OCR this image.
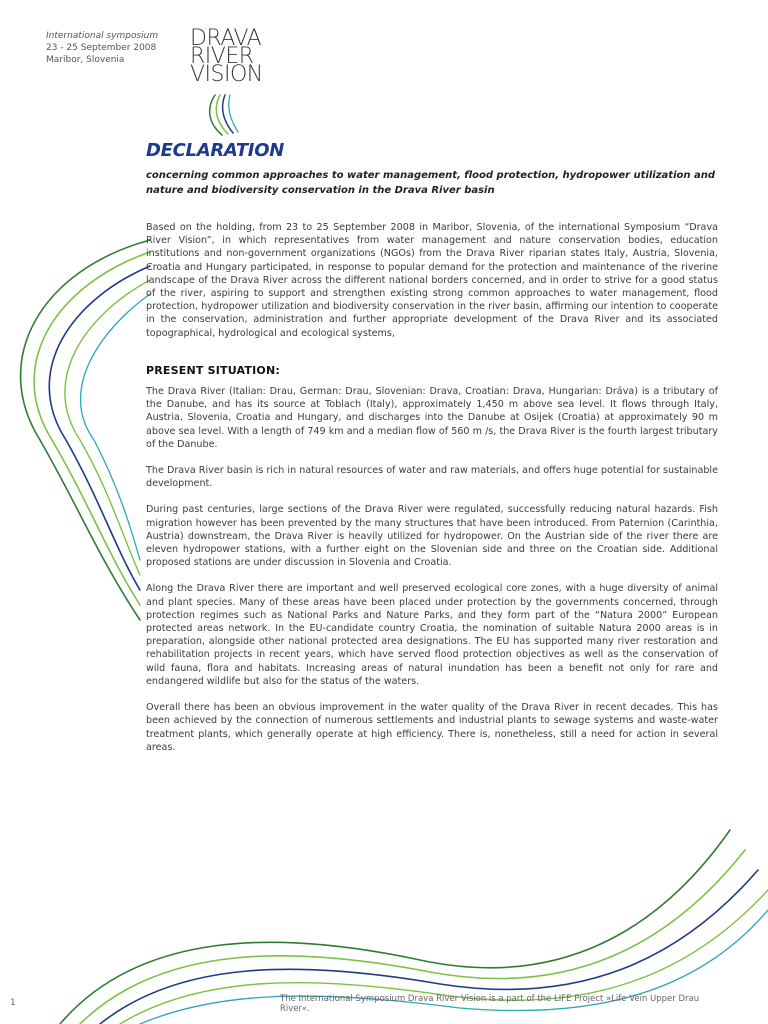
International symposium
23 - 25 September 2008
Maribor, Slovenia
DRAVA
RIVER
VISION
DECLARATION

concerning common approaches to water management, flood protection, hydropower utilization and nature and biodiversity conservation in the Drava River basin

Based on the holding, from 23 to 25 September 2008 in Maribor, Slovenia, of the international Symposium “Drava River Vision”, in which representatives from water management and nature conservation bodies, education institutions and non-government organizations (NGOs) from the Drava River riparian states Italy, Austria, Slovenia, Croatia and Hungary participated, in response to popular demand for the protection and maintenance of the riverine landscape of the Drava River across the different national borders concerned, and in order to strive for a good status of the river, aspiring to support and strengthen existing strong common approaches to water management, flood protection, hydropower utilization and biodiversity conservation in the river basin, affirming our intention to cooperate in the conservation, administration and further appropriate development of the Drava River and its associated topographical, hydrological and ecological systems,

PRESENT SITUATION:

The Drava River (Italian: Drau, German: Drau, Slovenian: Drava, Croatian: Drava, Hungarian: Dráva) is a tributary of the Danube, and has its source at Toblach (Italy), approximately 1,450 m above sea level. It flows through Italy, Austria, Slovenia, Croatia and Hungary, and discharges into the Danube at Osijek (Croatia) at approximately 90 m above sea level. With a length of 749 km and a median flow of 560 m /s, the Drava River is the fourth largest tributary of the Danube.

The Drava River basin is rich in natural resources of water and raw materials, and offers huge potential for sustainable development.

During past centuries, large sections of the Drava River were regulated, successfully reducing natural hazards. Fish migration however has been prevented by the many structures that have been introduced. From Paternion (Carinthia, Austria) downstream, the Drava River is heavily utilized for hydropower. On the Austrian side of the river there are eleven hydropower stations, with a further eight on the Slovenian side and three on the Croatian side. Additional proposed stations are under discussion in Slovenia and Croatia.

Along the Drava River there are important and well preserved ecological core zones, with a huge diversity of animal and plant species. Many of these areas have been placed under protection by the governments concerned, through protection regimes such as National Parks and Nature Parks, and they form part of the “Natura 2000” European protected areas network. In the EU-candidate country Croatia, the nomination of suitable Natura 2000 areas is in preparation, alongside other national protected area designations. The EU has supported many river restoration and rehabilitation projects in recent years, which have served flood protection objectives as well as the conservation of wild fauna, flora and habitats. Increasing areas of natural inundation has been a benefit not only for rare and endangered wildlife but also for the status of the waters.

Overall there has been an obvious improvement in the water quality of the Drava River in recent decades. This has been achieved by the connection of numerous settlements and industrial plants to sewage systems and waste-water treatment plants, which generally operate at high efficiency. There is, nonetheless, still a need for action in several areas.

The International Symposium Drava River Vision is a part of the LIFE Project »Life Vein Upper Drau River«.
1
